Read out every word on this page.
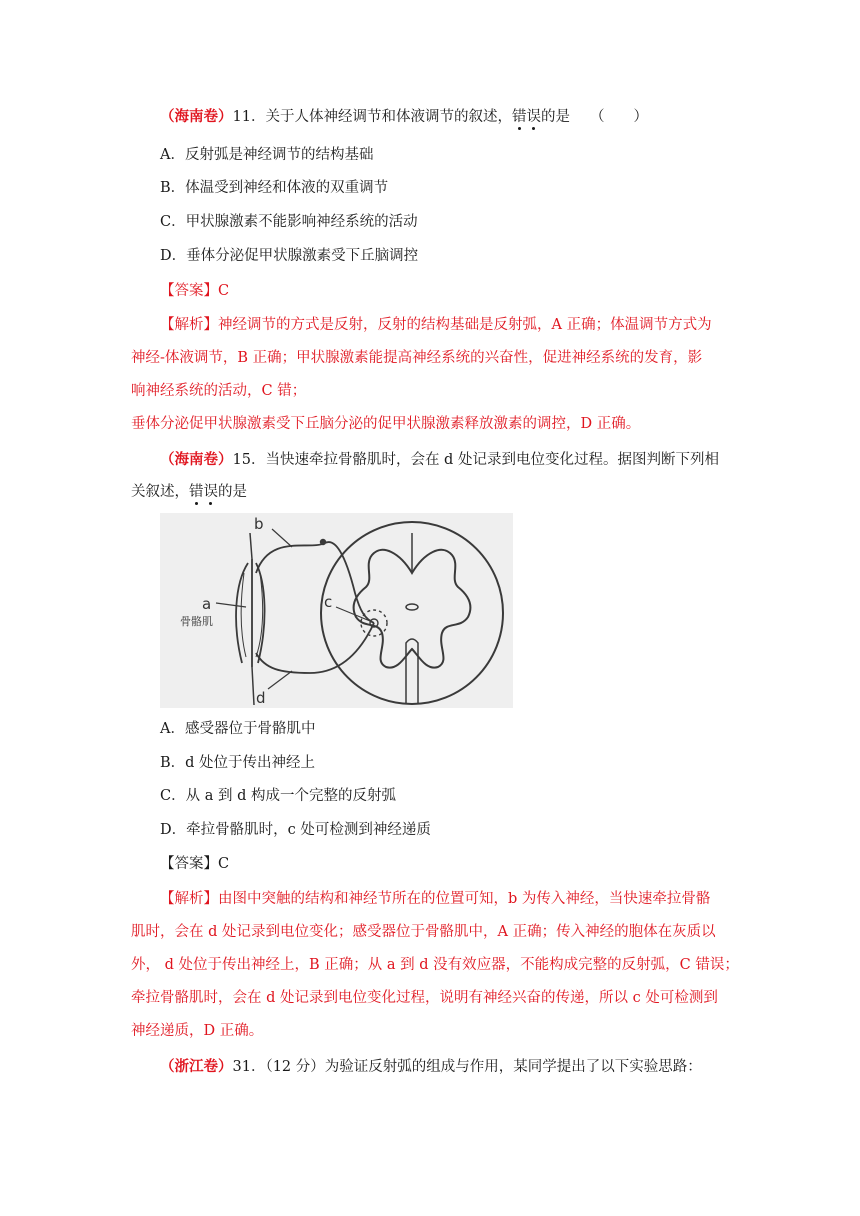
（海南卷）11．关于人体神经调节和体液调节的叙述，错误的是 （　　）
A．反射弧是神经调节的结构基础
B．体温受到神经和体液的双重调节
C．甲状腺激素不能影响神经系统的活动
D．垂体分泌促甲状腺激素受下丘脑调控
【答案】C
【解析】神经调节的方式是反射，反射的结构基础是反射弧，A 正确；体温调节方式为
神经-体液调节，B 正确；甲状腺激素能提高神经系统的兴奋性，促进神经系统的发育，影
响神经系统的活动，C 错；
垂体分泌促甲状腺激素受下丘脑分泌的促甲状腺激素释放激素的调控，D 正确。
（海南卷）15．当快速牵拉骨骼肌时，会在 d 处记录到电位变化过程。据图判断下列相
关叙述，错误的是
b
a	c
d
骨骼肌
A．感受器位于骨骼肌中
B．d 处位于传出神经上
C．从 a 到 d 构成一个完整的反射弧
D．牵拉骨骼肌时，c 处可检测到神经递质
【答案】C
【解析】由图中突触的结构和神经节所在的位置可知，b 为传入神经，当快速牵拉骨骼
肌时，会在 d 处记录到电位变化；感受器位于骨骼肌中，A 正确；传入神经的胞体在灰质以
外， d 处位于传出神经上，B 正确；从 a 到 d 没有效应器，不能构成完整的反射弧，C 错误；
牵拉骨骼肌时，会在 d 处记录到电位变化过程，说明有神经兴奋的传递，所以 c 处可检测到
神经递质，D 正确。
（浙江卷）31．（12 分）为验证反射弧的组成与作用，某同学提出了以下实验思路：
